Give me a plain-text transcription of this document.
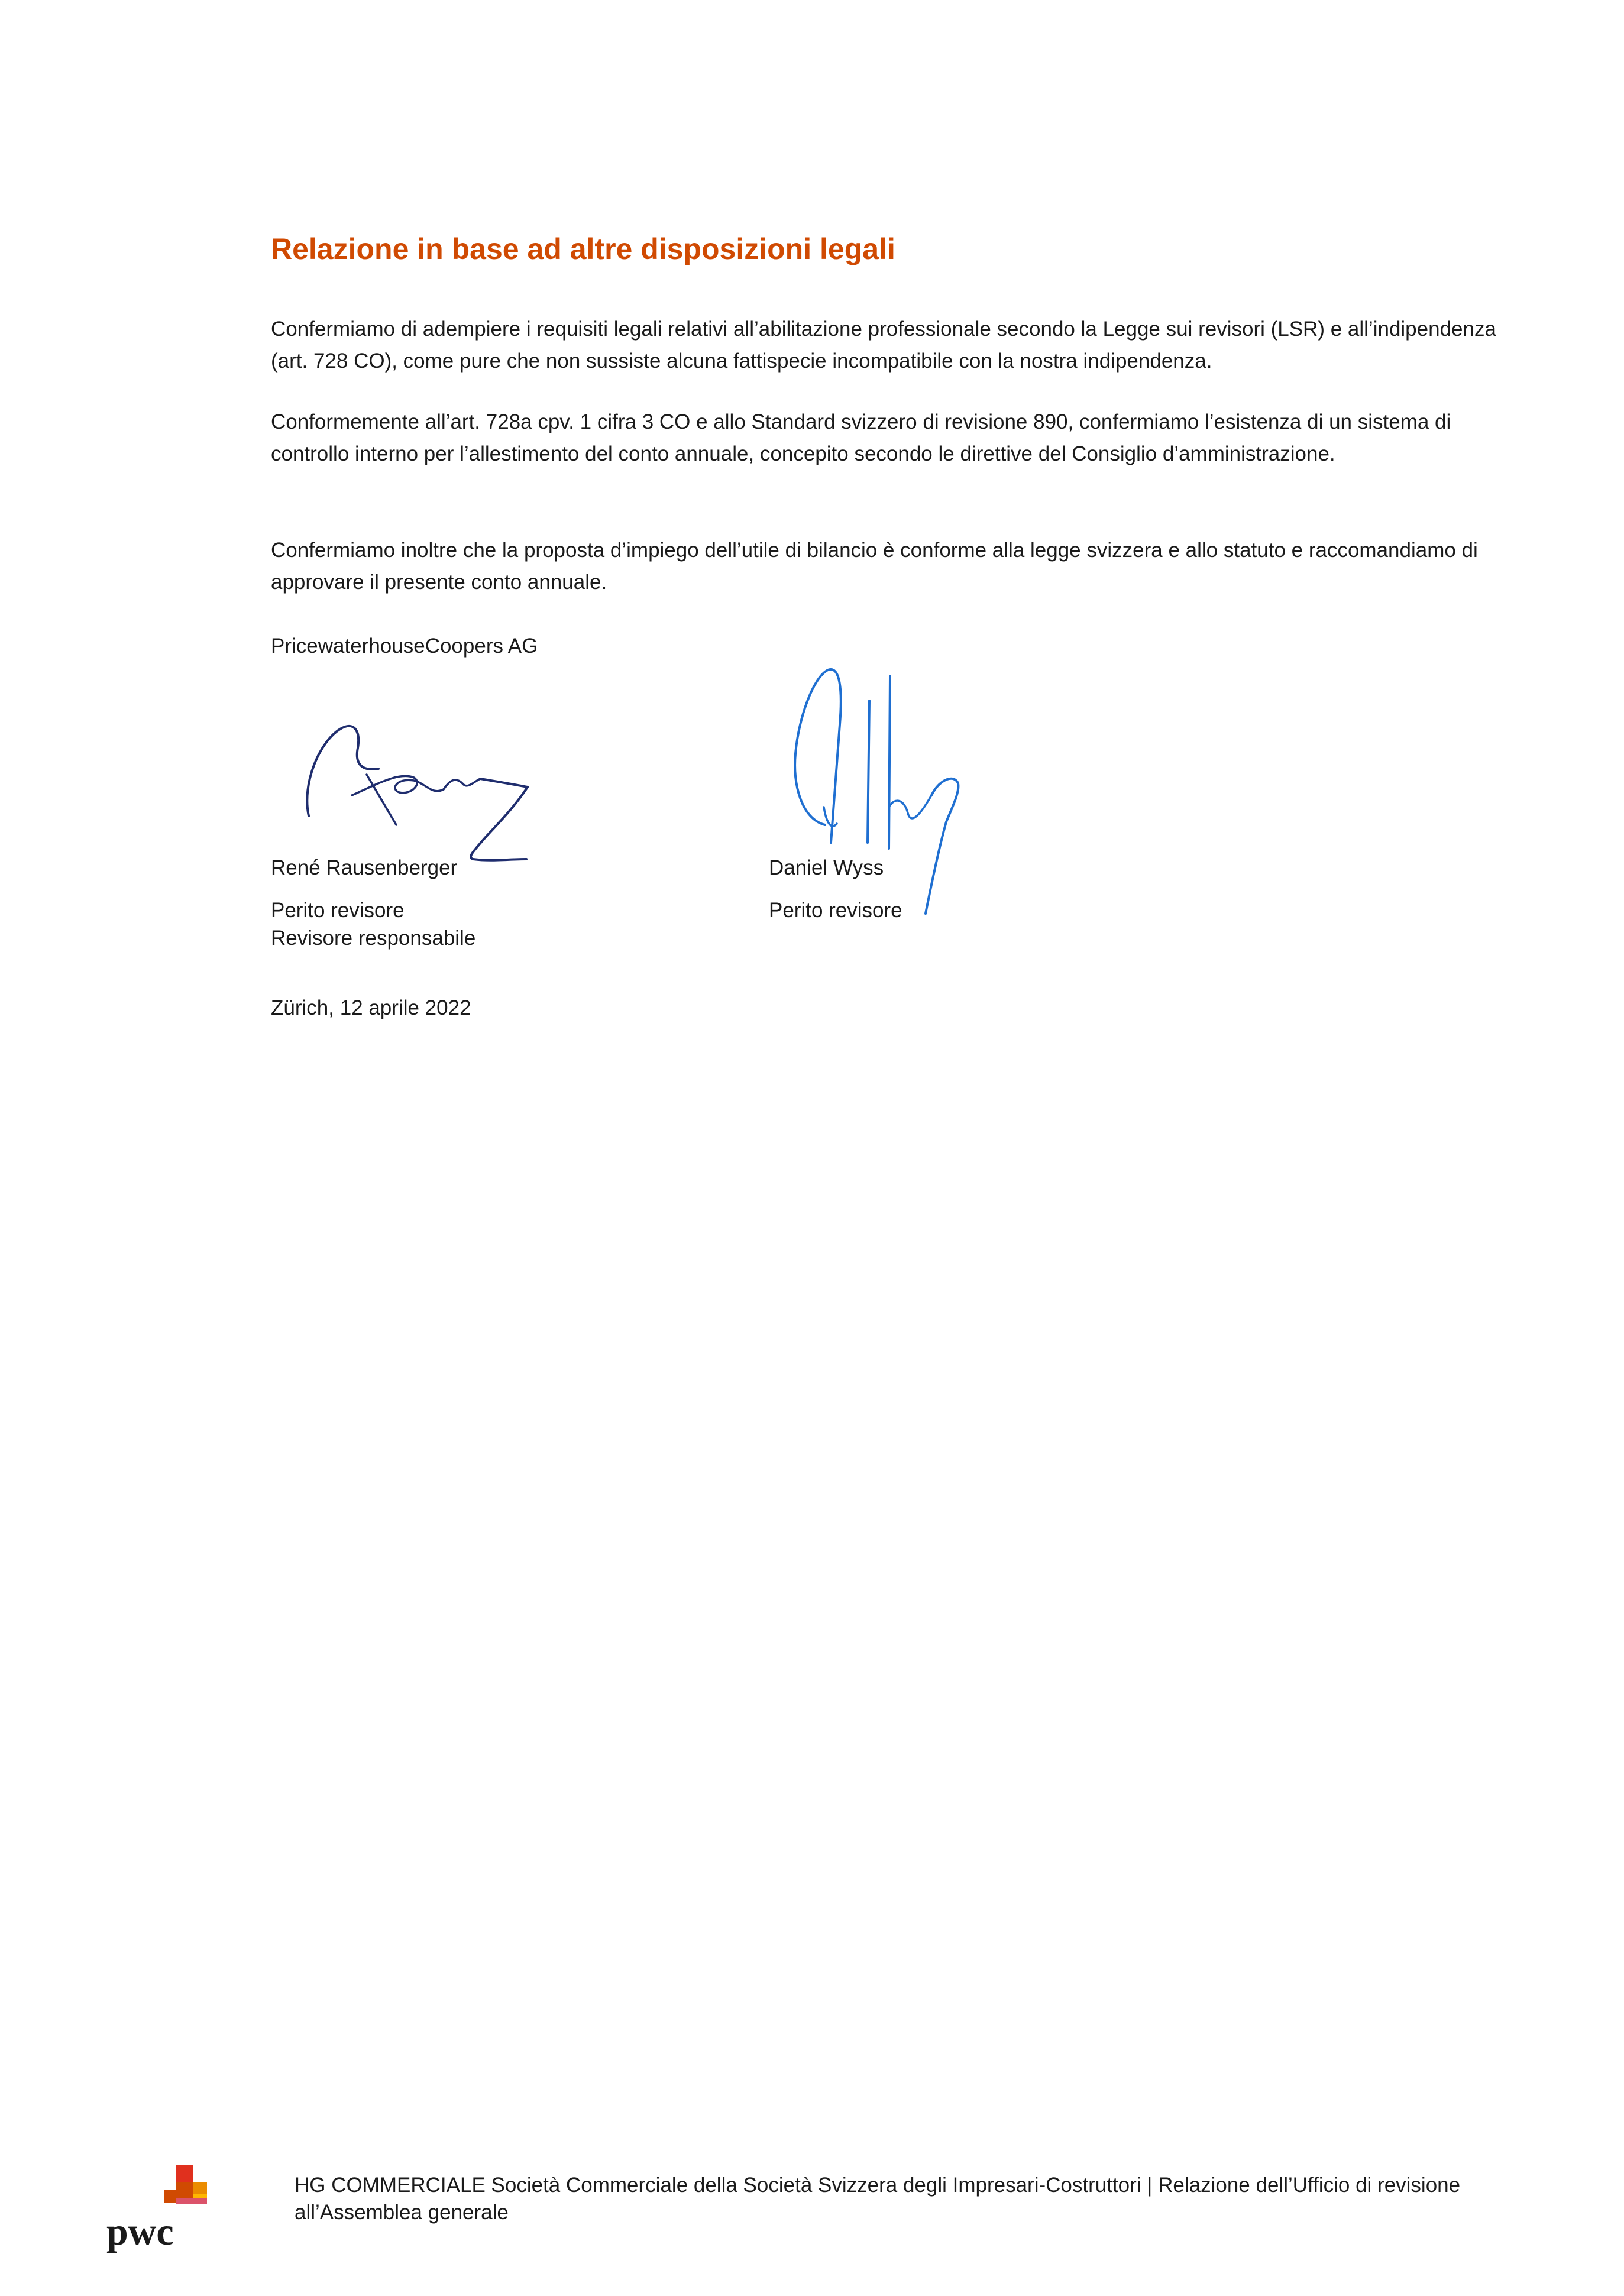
Relazione in base ad altre disposizioni legali

Confermiamo di adempiere i requisiti legali relativi all’abilitazione professionale secondo la Legge sui revisori (LSR) e all’indipendenza (art. 728 CO), come pure che non sussiste alcuna fattispecie incompatibile con la nostra indipendenza.

Conformemente all’art. 728a cpv. 1 cifra 3 CO e allo Standard svizzero di revisione 890, confermiamo l’esistenza di un sistema di controllo interno per l’allestimento del conto annuale, concepito secondo le direttive del Consiglio d’amministrazione.

Confermiamo inoltre che la proposta d’impiego dell’utile di bilancio è conforme alla legge svizzera e allo statuto e raccomandiamo di approvare il presente conto annuale.

PricewaterhouseCoopers AG
René Rausenberger
Perito revisore
Revisore responsabile
Daniel Wyss
Perito revisore
Zürich, 12 aprile 2022
pwc

HG COMMERCIALE Società Commerciale della Società Svizzera degli Impresari-Costruttori | Relazione dell’Ufficio di revisione all’Assemblea generale
